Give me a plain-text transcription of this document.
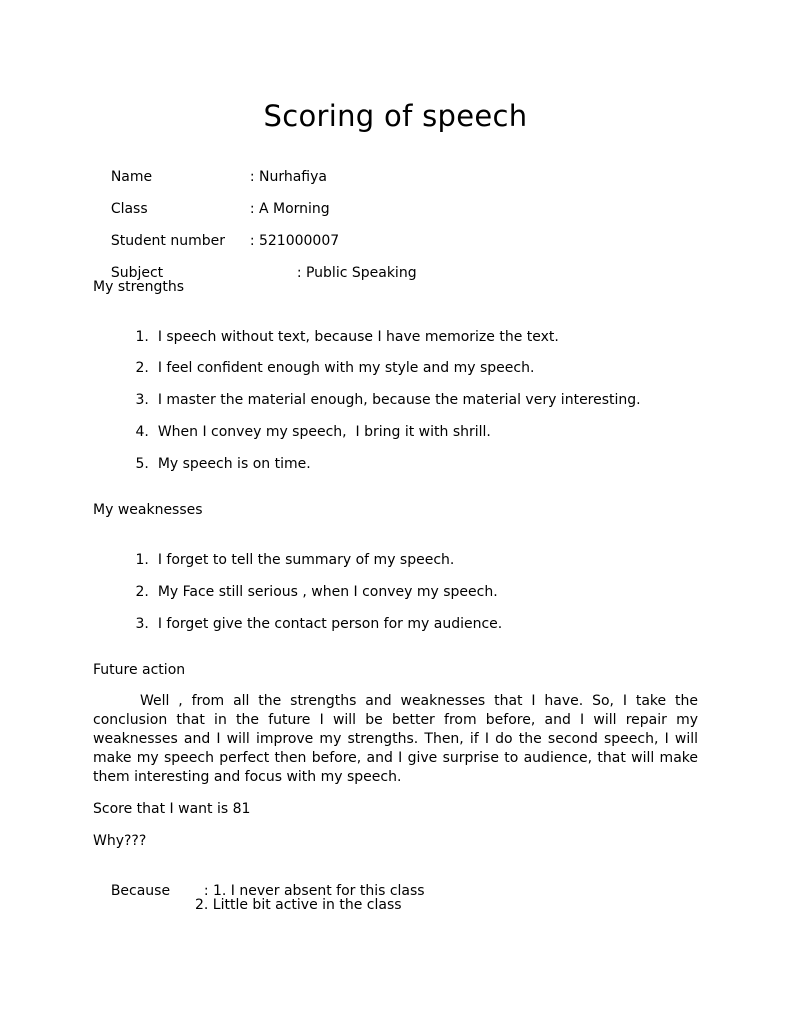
Scoring of speech

Name	: Nurhafiya

Class	: A Morning

Student number : 521000007

Subject	: Public Speaking

My strengths

1. I speech without text, because I have memorize the text.

2. I feel confident enough with my style and my speech.

3. I master the material enough, because the material very interesting.

4. When I convey my speech,  I bring it with shrill.

5. My speech is on time.

My weaknesses

1. I forget to tell the summary of my speech.

2. My Face still serious , when I convey my speech.

3. I forget give the contact person for my audience.

Future action

Well , from all the strengths and weaknesses that I have. So, I take the conclusion that in the future I will be better from before, and I will repair my weaknesses and I will improve my strengths. Then, if I do the second speech, I will make my speech perfect then before, and I give surprise to audience, that will make them interesting and focus with my speech.

Score that I want is 81
Why???

Because : 1. I never absent for this class

2. Little bit active in the class
